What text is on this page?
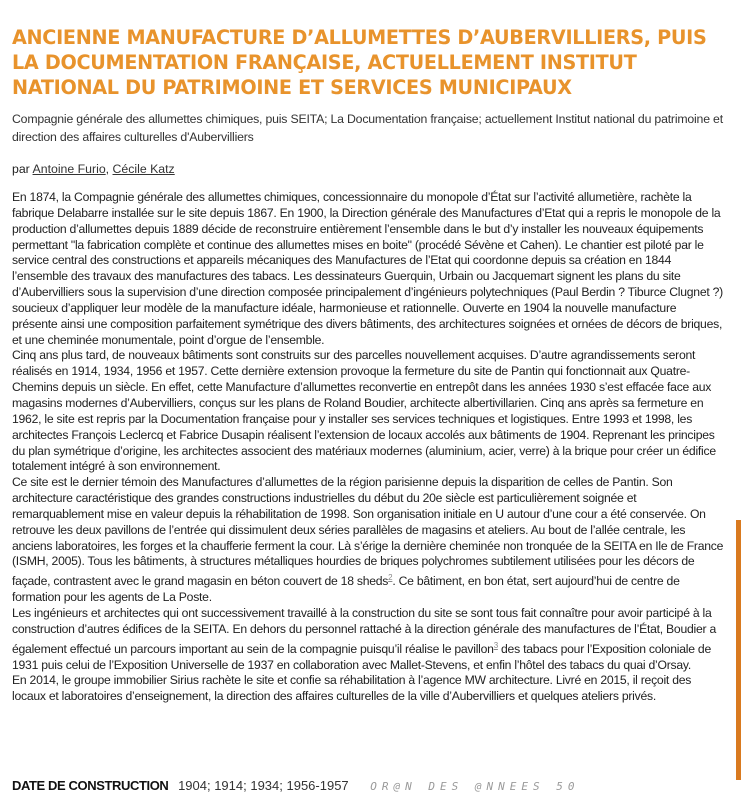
ANCIENNE MANUFACTURE D’ALLUMETTES D’AUBERVILLIERS, PUIS LA DOCUMENTATION FRANÇAISE, ACTUELLEMENT INSTITUT NATIONAL DU PATRIMOINE ET SERVICES MUNICIPAUX
Compagnie générale des allumettes chimiques, puis SEITA; La Documentation française; actuellement Institut national du patrimoine et direction des affaires culturelles d'Aubervilliers
par Antoine Furio, Cécile Katz

En 1874, la Compagnie générale des allumettes chimiques, concessionnaire du monopole d’État sur l’activité allumetière, rachète la fabrique Delabarre installée sur le site depuis 1867. En 1900, la Direction générale des Manufactures d’Etat qui a repris le monopole de la production d’allumettes depuis 1889 décide de reconstruire entièrement l’ensemble dans le but d’y installer les nouveaux équipements permettant "la fabrication complète et continue des allumettes mises en boite" (procédé Sévène et Cahen). Le chantier est piloté par le service central des constructions et appareils mécaniques des Manufactures de l’Etat qui coordonne depuis sa création en 1844 l’ensemble des travaux des manufactures des tabacs. Les dessinateurs Guerquin, Urbain ou Jacquemart signent les plans du site d’Aubervilliers sous la supervision d’une direction composée principalement d’ingénieurs polytechniques (Paul Berdin ? Tiburce Clugnet ?) soucieux d’appliquer leur modèle de la manufacture idéale, harmonieuse et rationnelle. Ouverte en 1904 la nouvelle manufacture présente ainsi une composition parfaitement symétrique des divers bâtiments, des architectures soignées et ornées de décors de briques, et une cheminée monumentale, point d’orgue de l’ensemble.

Cinq ans plus tard, de nouveaux bâtiments sont construits sur des parcelles nouvellement acquises. D’autre agrandissements seront réalisés en 1914, 1934, 1956 et 1957. Cette dernière extension provoque la fermeture du site de Pantin qui fonctionnait aux Quatre-Chemins depuis un siècle. En effet, cette Manufacture d’allumettes reconvertie en entrepôt dans les années 1930 s’est effacée face aux magasins modernes d’Aubervilliers, conçus sur les plans de Roland Boudier, architecte albertivillarien. Cinq ans après sa fermeture en 1962, le site est repris par la Documentation française pour y installer ses services techniques et logistiques. Entre 1993 et 1998, les architectes François Leclercq et Fabrice Dusapin réalisent l’extension de locaux accolés aux bâtiments de 1904. Reprenant les principes du plan symétrique d’origine, les architectes associent des matériaux modernes (aluminium, acier, verre) à la brique pour créer un édifice totalement intégré à son environnement.

Ce site est le dernier témoin des Manufactures d’allumettes de la région parisienne depuis la disparition de celles de Pantin. Son architecture caractéristique des grandes constructions industrielles du début du 20e siècle est particulièrement soignée et remarquablement mise en valeur depuis la réhabilitation de 1998. Son organisation initiale en U autour d’une cour a été conservée. On retrouve les deux pavillons de l’entrée qui dissimulent deux séries parallèles de magasins et ateliers. Au bout de l’allée centrale, les anciens laboratoires, les forges et la chaufferie ferment la cour. Là s’érige la dernière cheminée non tronquée de la SEITA en Ile de France (ISMH, 2005). Tous les bâtiments, à structures métalliques hourdies de briques polychromes subtilement utilisées pour les décors de façade, contrastent avec le grand magasin en béton couvert de 18 sheds$^2$. Ce bâtiment, en bon état, sert aujourd’hui de centre de formation pour les agents de La Poste.

Les ingénieurs et architectes qui ont successivement travaillé à la construction du site se sont tous fait connaître pour avoir participé à la construction d’autres édifices de la SEITA. En dehors du personnel rattaché à la direction générale des manufactures de l’État, Boudier a également effectué un parcours important au sein de la compagnie puisqu’il réalise le pavillon$^3$ des tabacs pour l’Exposition coloniale de 1931 puis celui de l’Exposition Universelle de 1937 en collaboration avec Mallet-Stevens, et enfin l’hôtel des tabacs du quai d’Orsay.

En 2014, le groupe immobilier Sirius rachète le site et confie sa réhabilitation à l’agence MW architecture. Livré en 2015, il reçoit des locaux et laboratoires d’enseignement, la direction des affaires culturelles de la ville d’Aubervilliers et quelques ateliers privés.

DATE DE CONSTRUCTION 1904; 1914; 1934; 1956-1957 OR@N DES @NNEES 50
